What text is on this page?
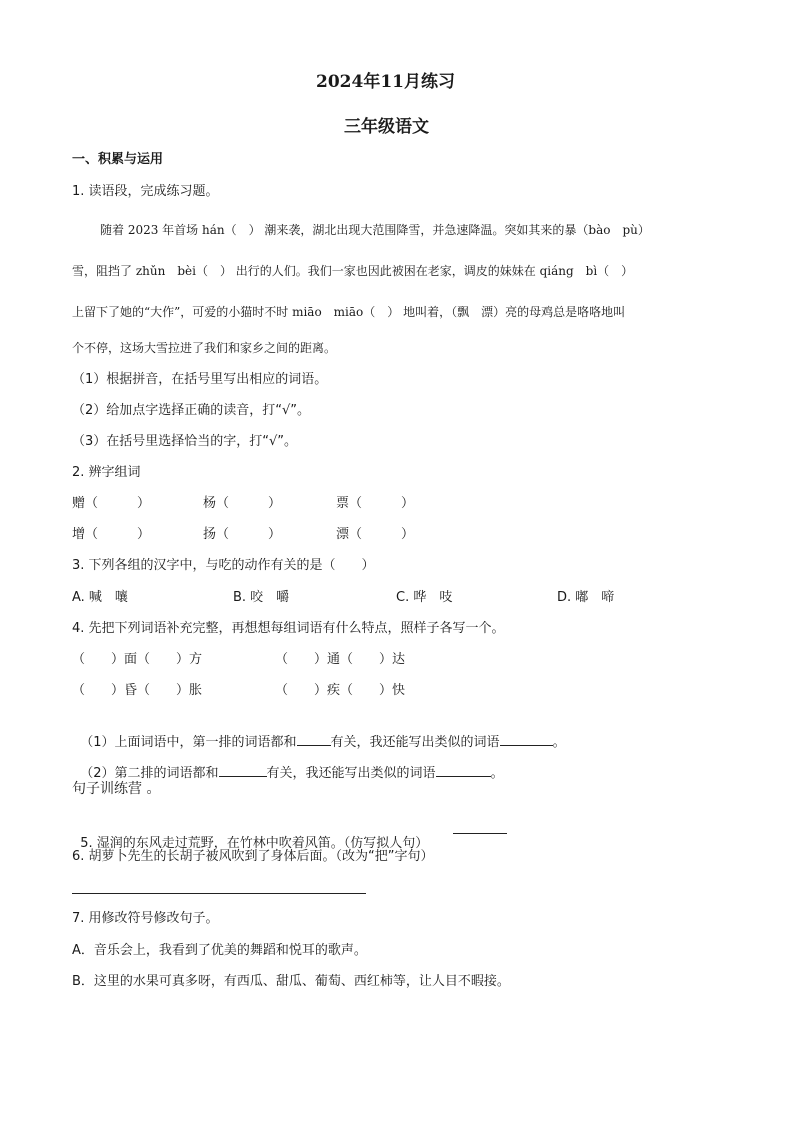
2024年11月练习
三年级语文
一、积累与运用
1. 读语段，完成练习题。
随着 2023 年首场 hán（　） 潮来袭，湖北出现大范围降雪，并急速降温。突如其来的暴（bào　pù）
雪，阻挡了 zhǔn　bèi（　） 出行的人们。我们一家也因此被困在老家，调皮的妹妹在 qiáng　bì（　）
上留下了她的“大作”，可爱的小猫时不时 miāo　miāo（　） 地叫着，（飘　漂）亮的母鸡总是咯咯地叫
个不停，这场大雪拉进了我们和家乡之间的距离。
（1）根据拼音，在括号里写出相应的词语。
（2）给加点字选择正确的读音，打“√”。
（3）在括号里选择恰当的字，打“√”。
2. 辨字组词
赠（　　　）	杨（　　　）	票（　　　）
增（　　　）	扬（　　　）	漂（　　　）
3. 下列各组的汉字中，与吃的动作有关的是（　　）
A. 喊　嚷	B. 咬　嚼	C. 哗　吱	D. 嘟　啼
4. 先把下列词语补充完整，再想想每组词语有什么特点，照样子各写一个。
（　　）面（　　）方	（　　）通（　　）达
（　　）昏（　　）胀	（　　）疾（　　）快

（1）上面词语中，第一排的词语都和	有关，我还能写出类似的词语	。

（2）第二排的词语都和	有关，我还能写出类似的词语	。

句子训练营 。

5. 湿润的东风走过荒野，在竹林中吹着风笛。（仿写拟人句）

6. 胡萝卜先生的长胡子被风吹到了身体后面。（改为“把”字句）
7. 用修改符号修改句子。
A．音乐会上，我看到了优美的舞蹈和悦耳的歌声。
B．这里的水果可真多呀，有西瓜、甜瓜、葡萄、西红柿等，让人目不暇接。
